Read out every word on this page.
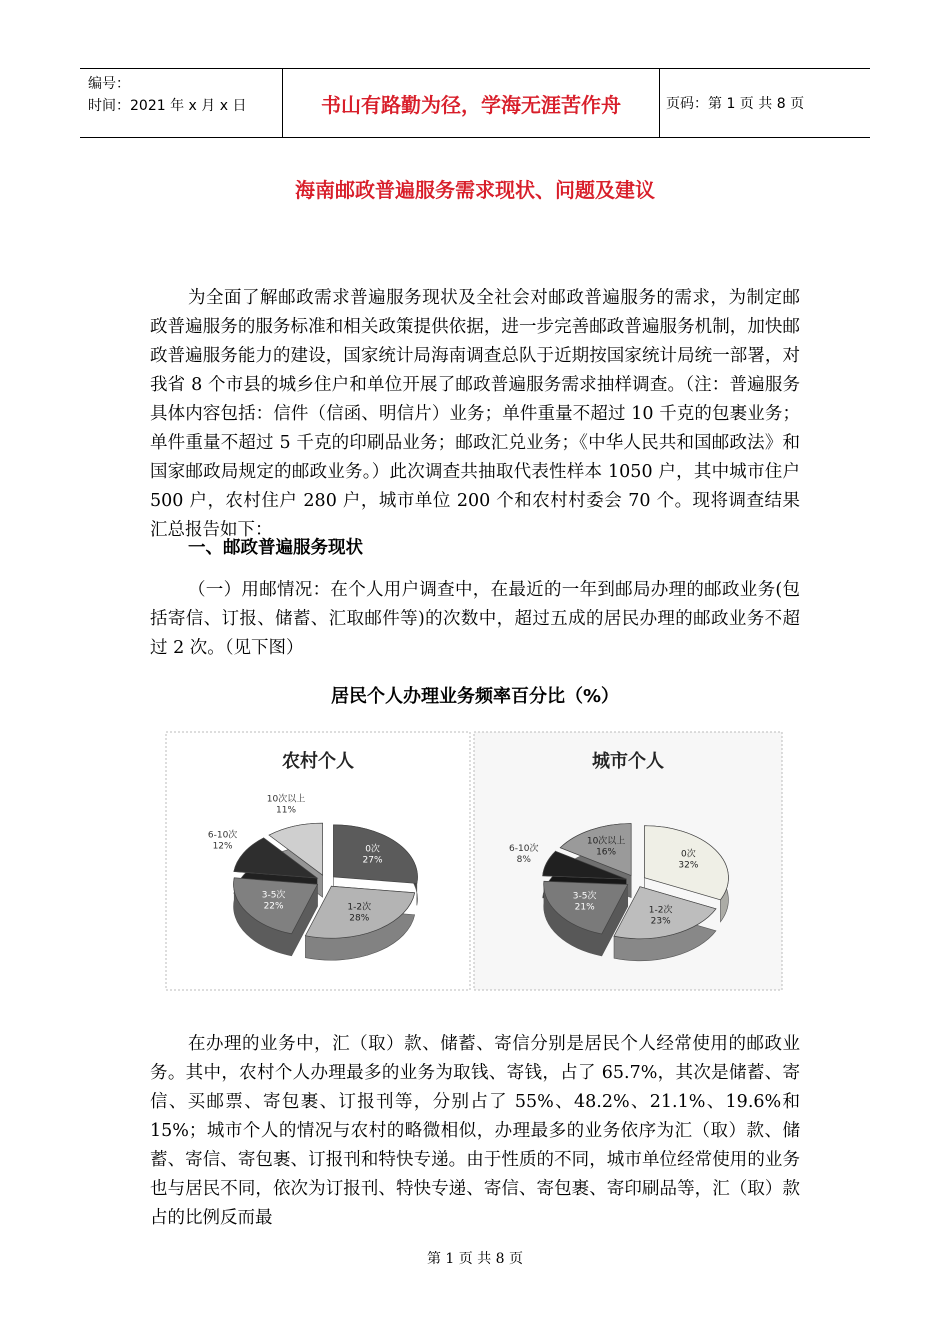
编号：
时间：2021 年 x 月 x 日	书山有路勤为径，学海无涯苦作舟	页码：第 1 页 共 8 页
海南邮政普遍服务需求现状、问题及建议

为全面了解邮政需求普遍服务现状及全社会对邮政普遍服务的需求，为制定邮政普遍服务的服务标准和相关政策提供依据，进一步完善邮政普遍服务机制，加快邮政普遍服务能力的建设，国家统计局海南调查总队于近期按国家统计局统一部署，对我省 8 个市县的城乡住户和单位开展了邮政普遍服务需求抽样调查。（注：普遍服务具体内容包括：信件（信函、明信片）业务；单件重量不超过 10 千克的包裹业务；单件重量不超过 5 千克的印刷品业务；邮政汇兑业务；《中华人民共和国邮政法》和国家邮政局规定的邮政业务。）此次调查共抽取代表性样本 1050 户，其中城市住户 500 户，农村住户 280 户，城市单位 200 个和农村村委会 70 个。现将调查结果汇总报告如下：

一、邮政普遍服务现状

（一）用邮情况：在个人用户调查中，在最近的一年到邮局办理的邮政业务(包括寄信、订报、储蓄、汇取邮件等)的次数中，超过五成的居民办理的邮政业务不超过 2 次。（见下图）

居民个人办理业务频率百分比（%）
农村个人
0次
27%
1-2次
28%
3-5次
22%
6-10次
12%
10次以上
11%
城市个人
0次
32%
1-2次
23%
3-5次
21%
6-10次
8%
10次以上
16%

在办理的业务中，汇（取）款、储蓄、寄信分别是居民个人经常使用的邮政业务。其中，农村个人办理最多的业务为取钱、寄钱，占了 65.7%，其次是储蓄、寄信、买邮票、寄包裹、订报刊等，分别占了 55%、48.2%、21.1%、19.6%和 15%；城市个人的情况与农村的略微相似，办理最多的业务依序为汇（取）款、储蓄、寄信、寄包裹、订报刊和特快专递。由于性质的不同，城市单位经常使用的业务也与居民不同，依次为订报刊、特快专递、寄信、寄包裹、寄印刷品等，汇（取）款占的比例反而最

第 1 页 共 8 页
